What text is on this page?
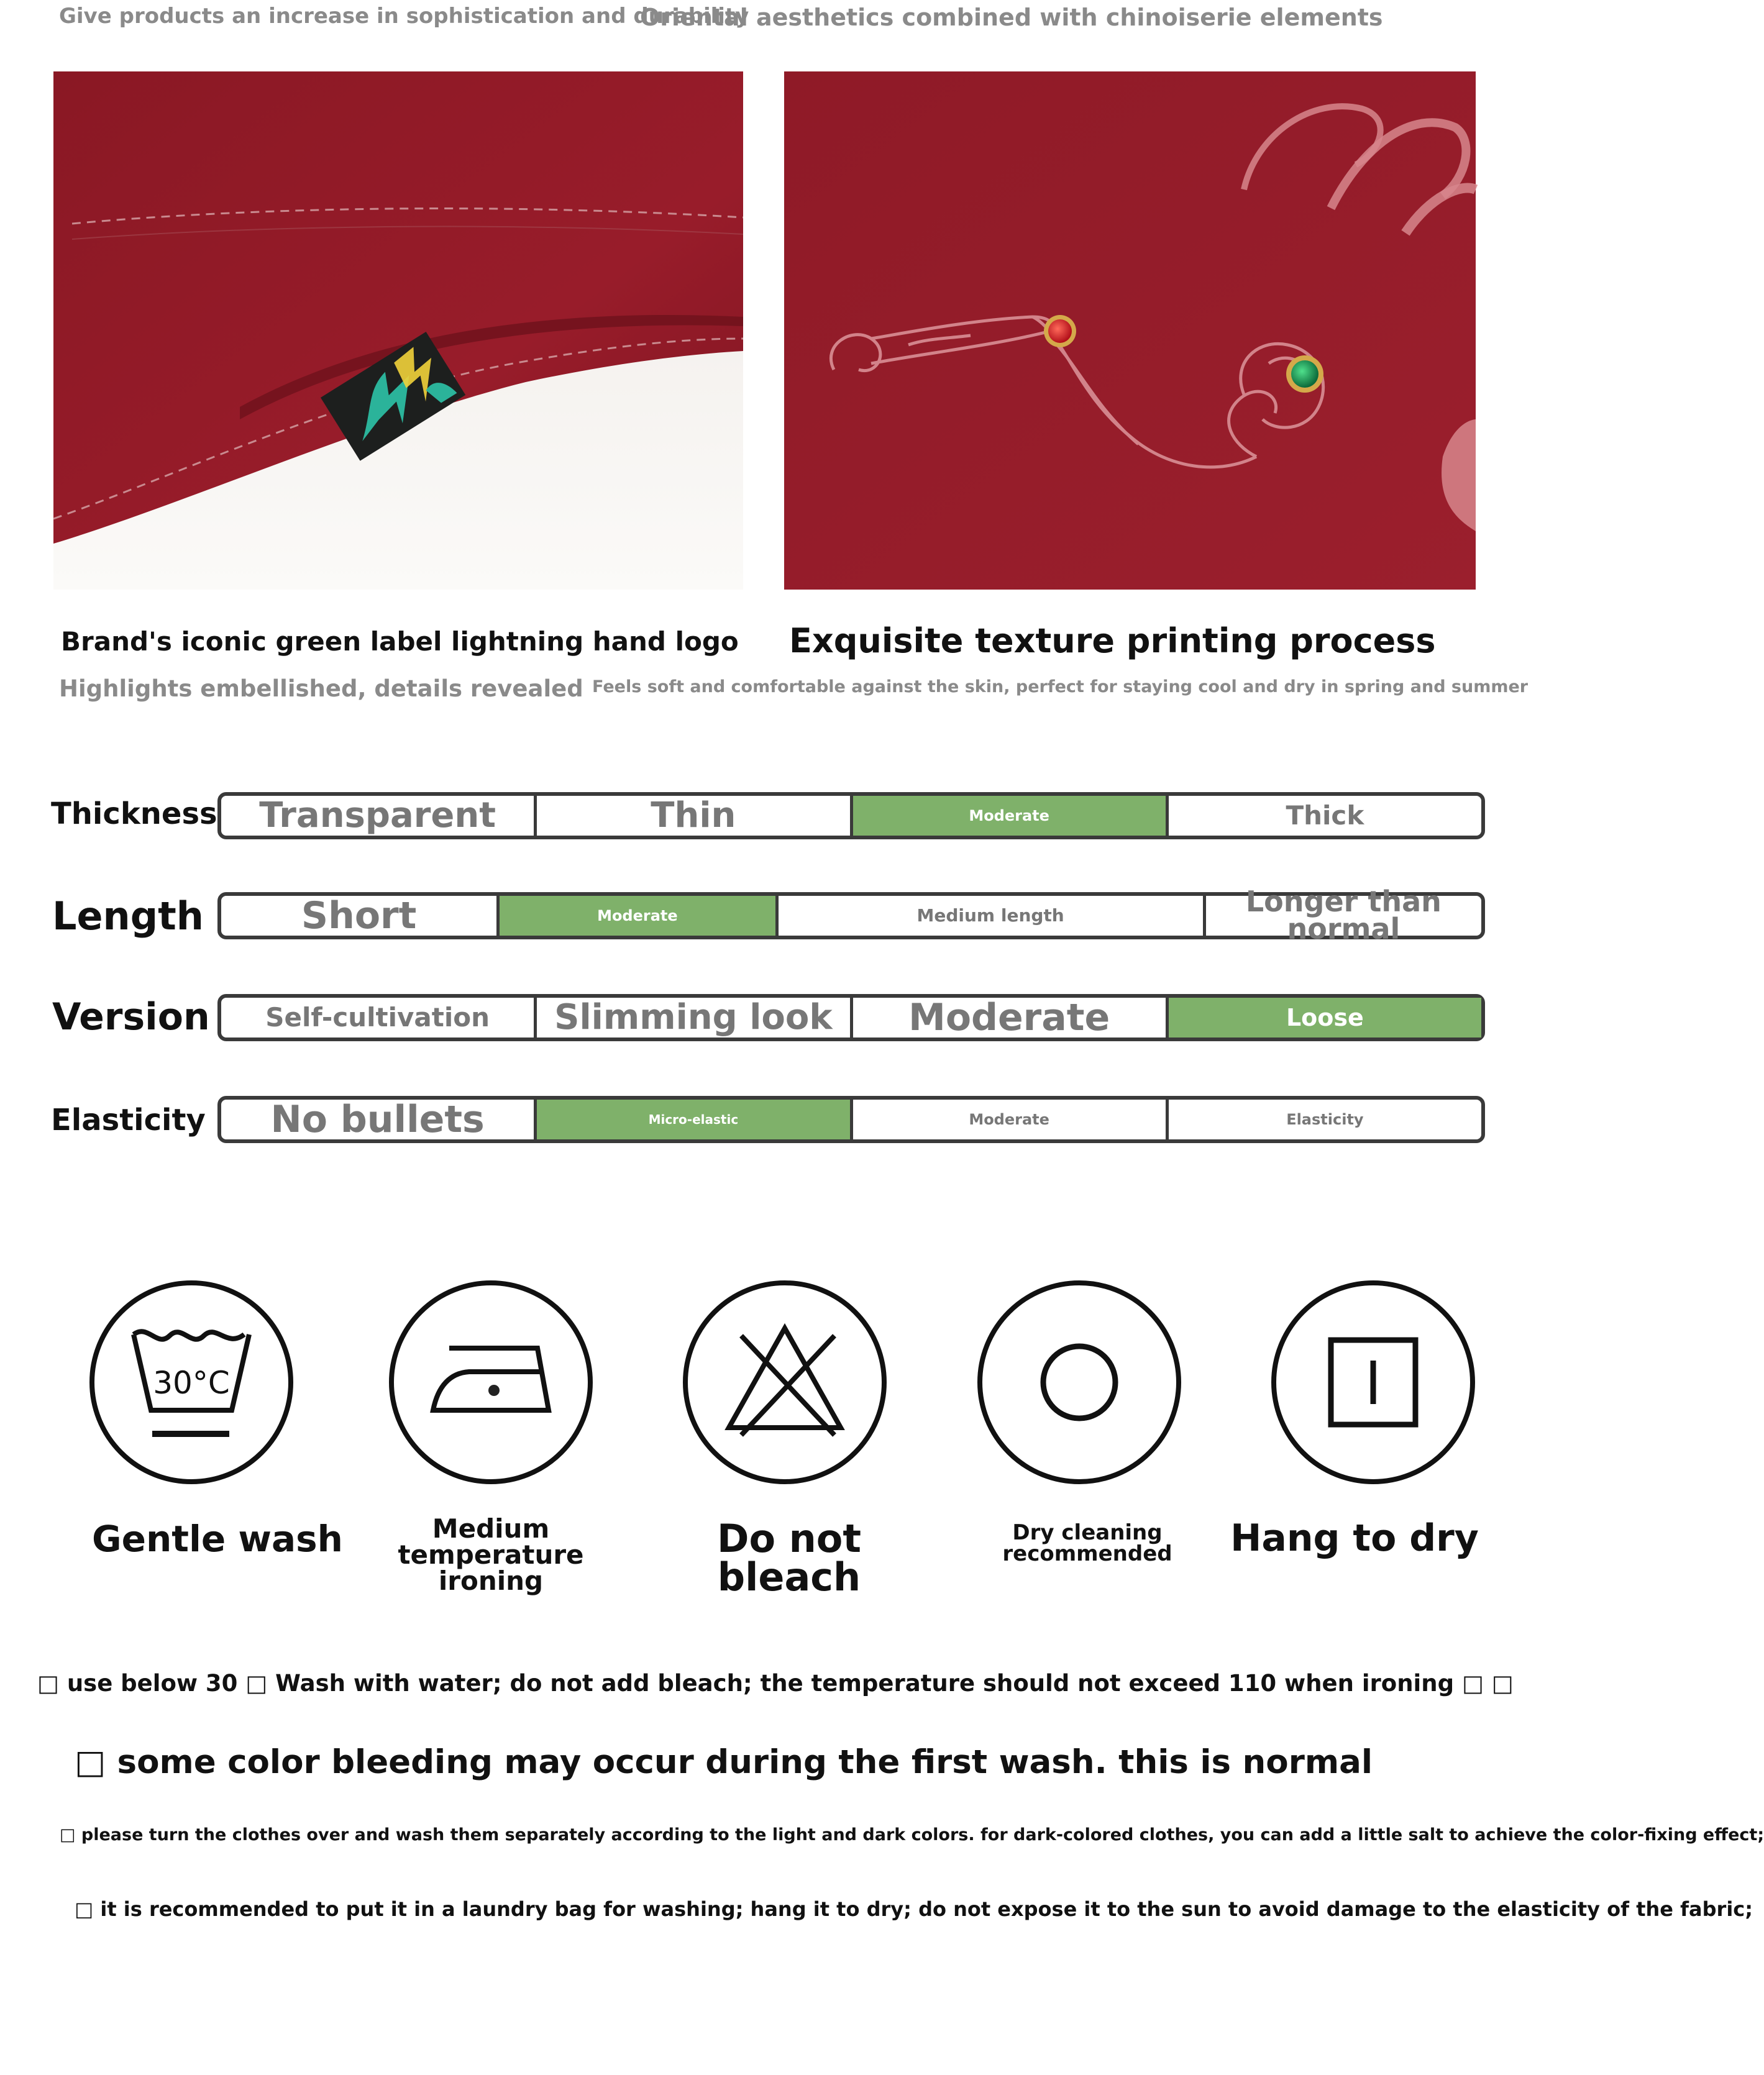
Give products an increase in sophistication and durability
Oriental aesthetics combined with chinoiserie elements
Brand's iconic green label lightning hand logo
Highlights embellished, details revealed
Exquisite texture printing process
Feels soft and comfortable against the skin, perfect for staying cool and dry in spring and summer
Thickness	Transparent	Thin	Moderate	Thick
Length	Short	Moderate	Medium length	Longer than normal
Version	Self-cultivation	Slimming look	Moderate	Loose
Elasticity	No bullets	Micro-elastic	Moderate	Elasticity
30°C
Gentle wash	Medium temperature ironing
Do not bleach
Dry cleaning recommended	Hang to dry
□ use below 30 □ Wash with water; do not add bleach; the temperature should not exceed 110 when ironing □ □
□ some color bleeding may occur during the first wash. this is normal
□ please turn the clothes over and wash them separately according to the light and dark colors. for dark-colored clothes, you can add a little salt to achieve the color-fixing effect;
□ it is recommended to put it in a laundry bag for washing; hang it to dry; do not expose it to the sun to avoid damage to the elasticity of the fabric;
